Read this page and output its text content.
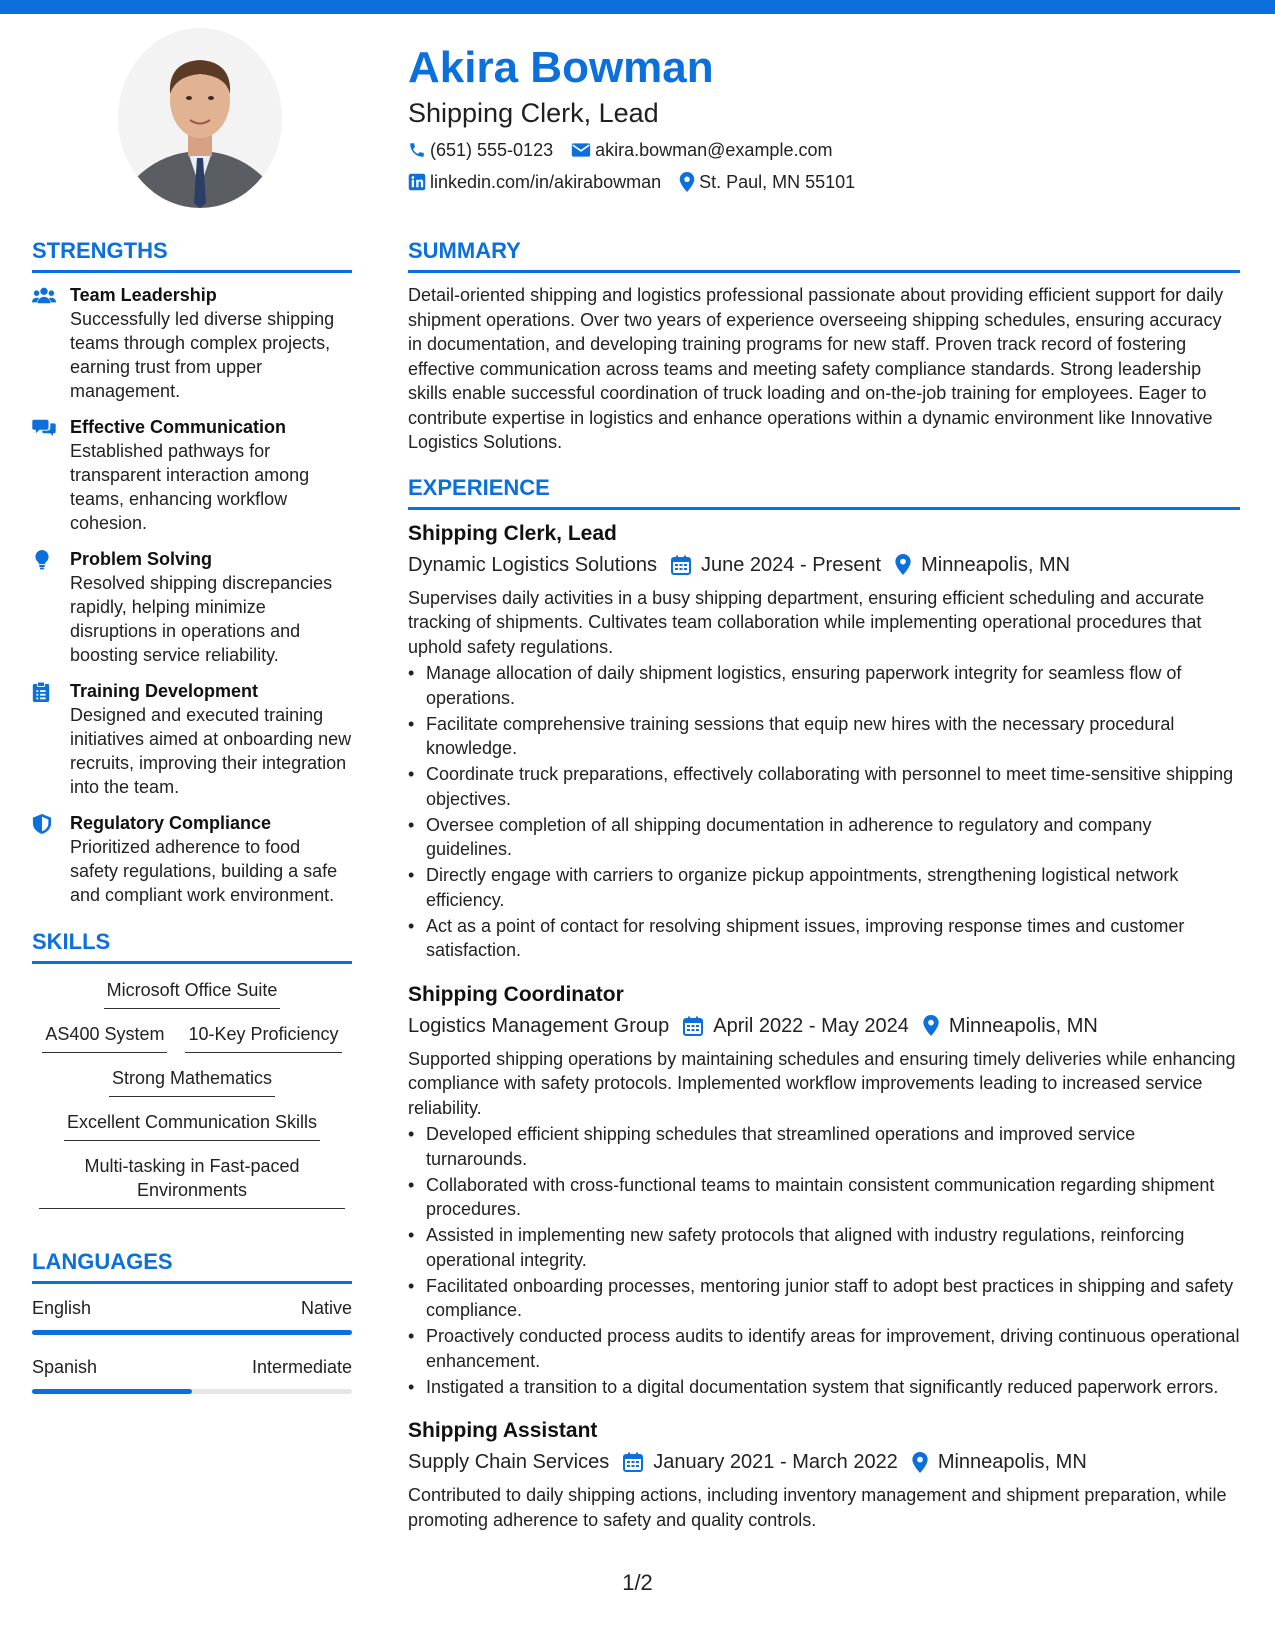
Akira Bowman
Shipping Clerk, Lead
(651) 555-0123 akira.bowman@example.com
linkedin.com/in/akirabowman St. Paul, MN 55101
STRENGTHS
Team Leadership
Successfully led diverse shipping teams through complex projects, earning trust from upper management.
Effective Communication
Established pathways for transparent interaction among teams, enhancing workflow cohesion.
Problem Solving
Resolved shipping discrepancies rapidly, helping minimize disruptions in operations and boosting service reliability.
Training Development
Designed and executed training initiatives aimed at onboarding new recruits, improving their integration into the team.
Regulatory Compliance
Prioritized adherence to food safety regulations, building a safe and compliant work environment.
SKILLS
Microsoft Office Suite
AS400 System 10-Key Proficiency
Strong Mathematics
Excellent Communication Skills
Multi-tasking in Fast-paced Environments
LANGUAGES
English	Native
Spanish	Intermediate
SUMMARY
Detail-oriented shipping and logistics professional passionate about providing efficient support for daily shipment operations. Over two years of experience overseeing shipping schedules, ensuring accuracy in documentation, and developing training programs for new staff. Proven track record of fostering effective communication across teams and meeting safety compliance standards. Strong leadership skills enable successful coordination of truck loading and on-the-job training for employees. Eager to contribute expertise in logistics and enhance operations within a dynamic environment like Innovative Logistics Solutions.
EXPERIENCE
Shipping Clerk, Lead
Dynamic Logistics Solutions June 2024 - Present Minneapolis, MN
Supervises daily activities in a busy shipping department, ensuring efficient scheduling and accurate tracking of shipments. Cultivates team collaboration while implementing operational procedures that uphold safety regulations.
• Manage allocation of daily shipment logistics, ensuring paperwork integrity for seamless flow of operations.
• Facilitate comprehensive training sessions that equip new hires with the necessary procedural knowledge.
• Coordinate truck preparations, effectively collaborating with personnel to meet time-sensitive shipping objectives.
• Oversee completion of all shipping documentation in adherence to regulatory and company guidelines.
• Directly engage with carriers to organize pickup appointments, strengthening logistical network efficiency.
• Act as a point of contact for resolving shipment issues, improving response times and customer satisfaction.
Shipping Coordinator
Logistics Management Group April 2022 - May 2024 Minneapolis, MN
Supported shipping operations by maintaining schedules and ensuring timely deliveries while enhancing compliance with safety protocols. Implemented workflow improvements leading to increased service reliability.
• Developed efficient shipping schedules that streamlined operations and improved service turnarounds.
• Collaborated with cross-functional teams to maintain consistent communication regarding shipment procedures.
• Assisted in implementing new safety protocols that aligned with industry regulations, reinforcing operational integrity.
• Facilitated onboarding processes, mentoring junior staff to adopt best practices in shipping and safety compliance.
• Proactively conducted process audits to identify areas for improvement, driving continuous operational enhancement.
• Instigated a transition to a digital documentation system that significantly reduced paperwork errors.
Shipping Assistant
Supply Chain Services January 2021 - March 2022 Minneapolis, MN
Contributed to daily shipping actions, including inventory management and shipment preparation, while promoting adherence to safety and quality controls.
1/2
